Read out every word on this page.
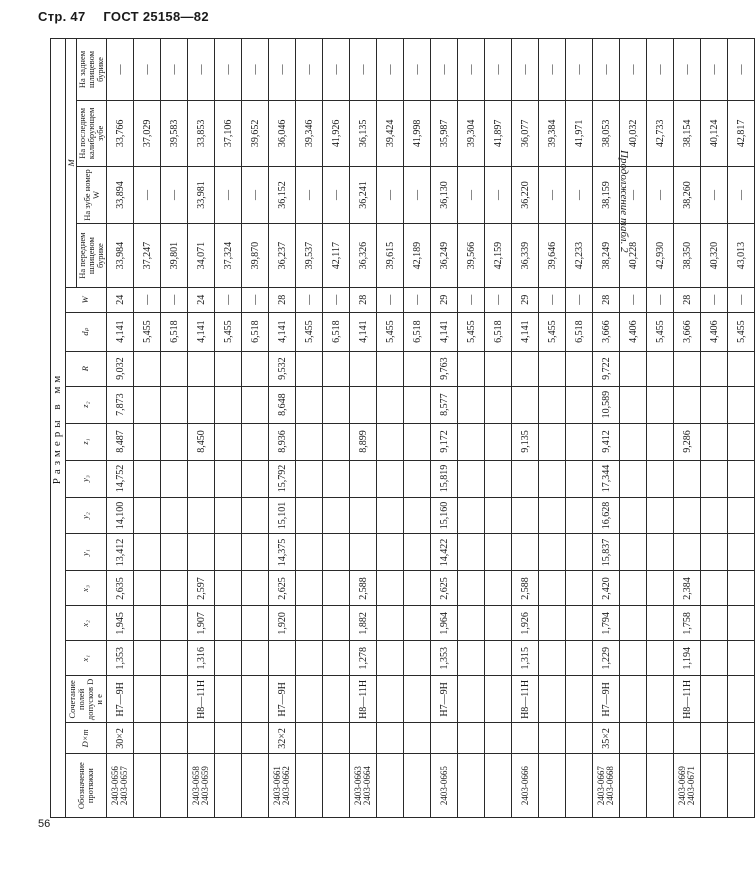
Стр. 47 ГОСТ 25158—82
Продолжение табл. 2
Размеры в мм																	
Обозначение протяжки	D×m	Сочетание полей допусков D и e	x₁	x₂	x₃	y₁	y₂	y₃	z₁	z₂	R	dₚ	W	M			
														На переднем шлицевом бурике	На зубе номер W	На последнем калибрующем зубе	На заднем шлицевом бурике
2403-0656 2403-0657	30×2	H7—9H	1,353	1,945	2,635	13,412	14,100	14,752	8,487	7,873	9,032	4,141	24	33,984	33,894	33,766	—
												5,455	—	37,247	—	37,029	—
												6,518	—	39,801	—	39,583	—
2403-0658 2403-0659		H8—11H	1,316	1,907	2,597				8,450			4,141	24	34,071	33,981	33,853	—
												5,455	—	37,324	—	37,106	—
												6,518	—	39,870	—	39,652	—
2403-0661 2403-0662	32×2	H7—9H		1,920	2,625	14,375	15,101	15,792	8,936	8,648	9,532	4,141	28	36,237	36,152	36,046	—
												5,455	—	39,537	—	39,346	—
												6,518	—	42,117	—	41,926	—
2403-0663 2403-0664		H8—11H	1,278	1,882	2,588				8,899			4,141	28	36,326	36,241	36,135	—
												5,455	—	39,615	—	39,424	—
												6,518	—	42,189	—	41,998	—
2403-0665		H7—9H	1,353	1,964	2,625	14,422	15,160	15,819	9,172	8,577	9,763	4,141	29	36,249	36,130	35,987	—
												5,455	—	39,566	—	39,304	—
												6,518	—	42,159	—	41,897	—
2403-0666		H8—11H	1,315	1,926	2,588				9,135			4,141	29	36,339	36,220	36,077	—
												5,455	—	39,646	—	39,384	—
												6,518	—	42,233	—	41,971	—
2403-0667 2403-0668	35×2	H7—9H	1,229	1,794	2,420	15,837	16,628	17,344	9,412	10,589	9,722	3,666	28	38,249	38,159	38,053	—
												4,406	—	40,228	—	40,032	—
												5,455	—	42,930	—	42,733	—
2403-0669 2403-0671		H8—11H	1,194	1,758	2,384				9,286			3,666	28	38,350	38,260	38,154	—
												4,406	—	40,320	—	40,124	—
												5,455	—	43,013	—	42,817	—
56
